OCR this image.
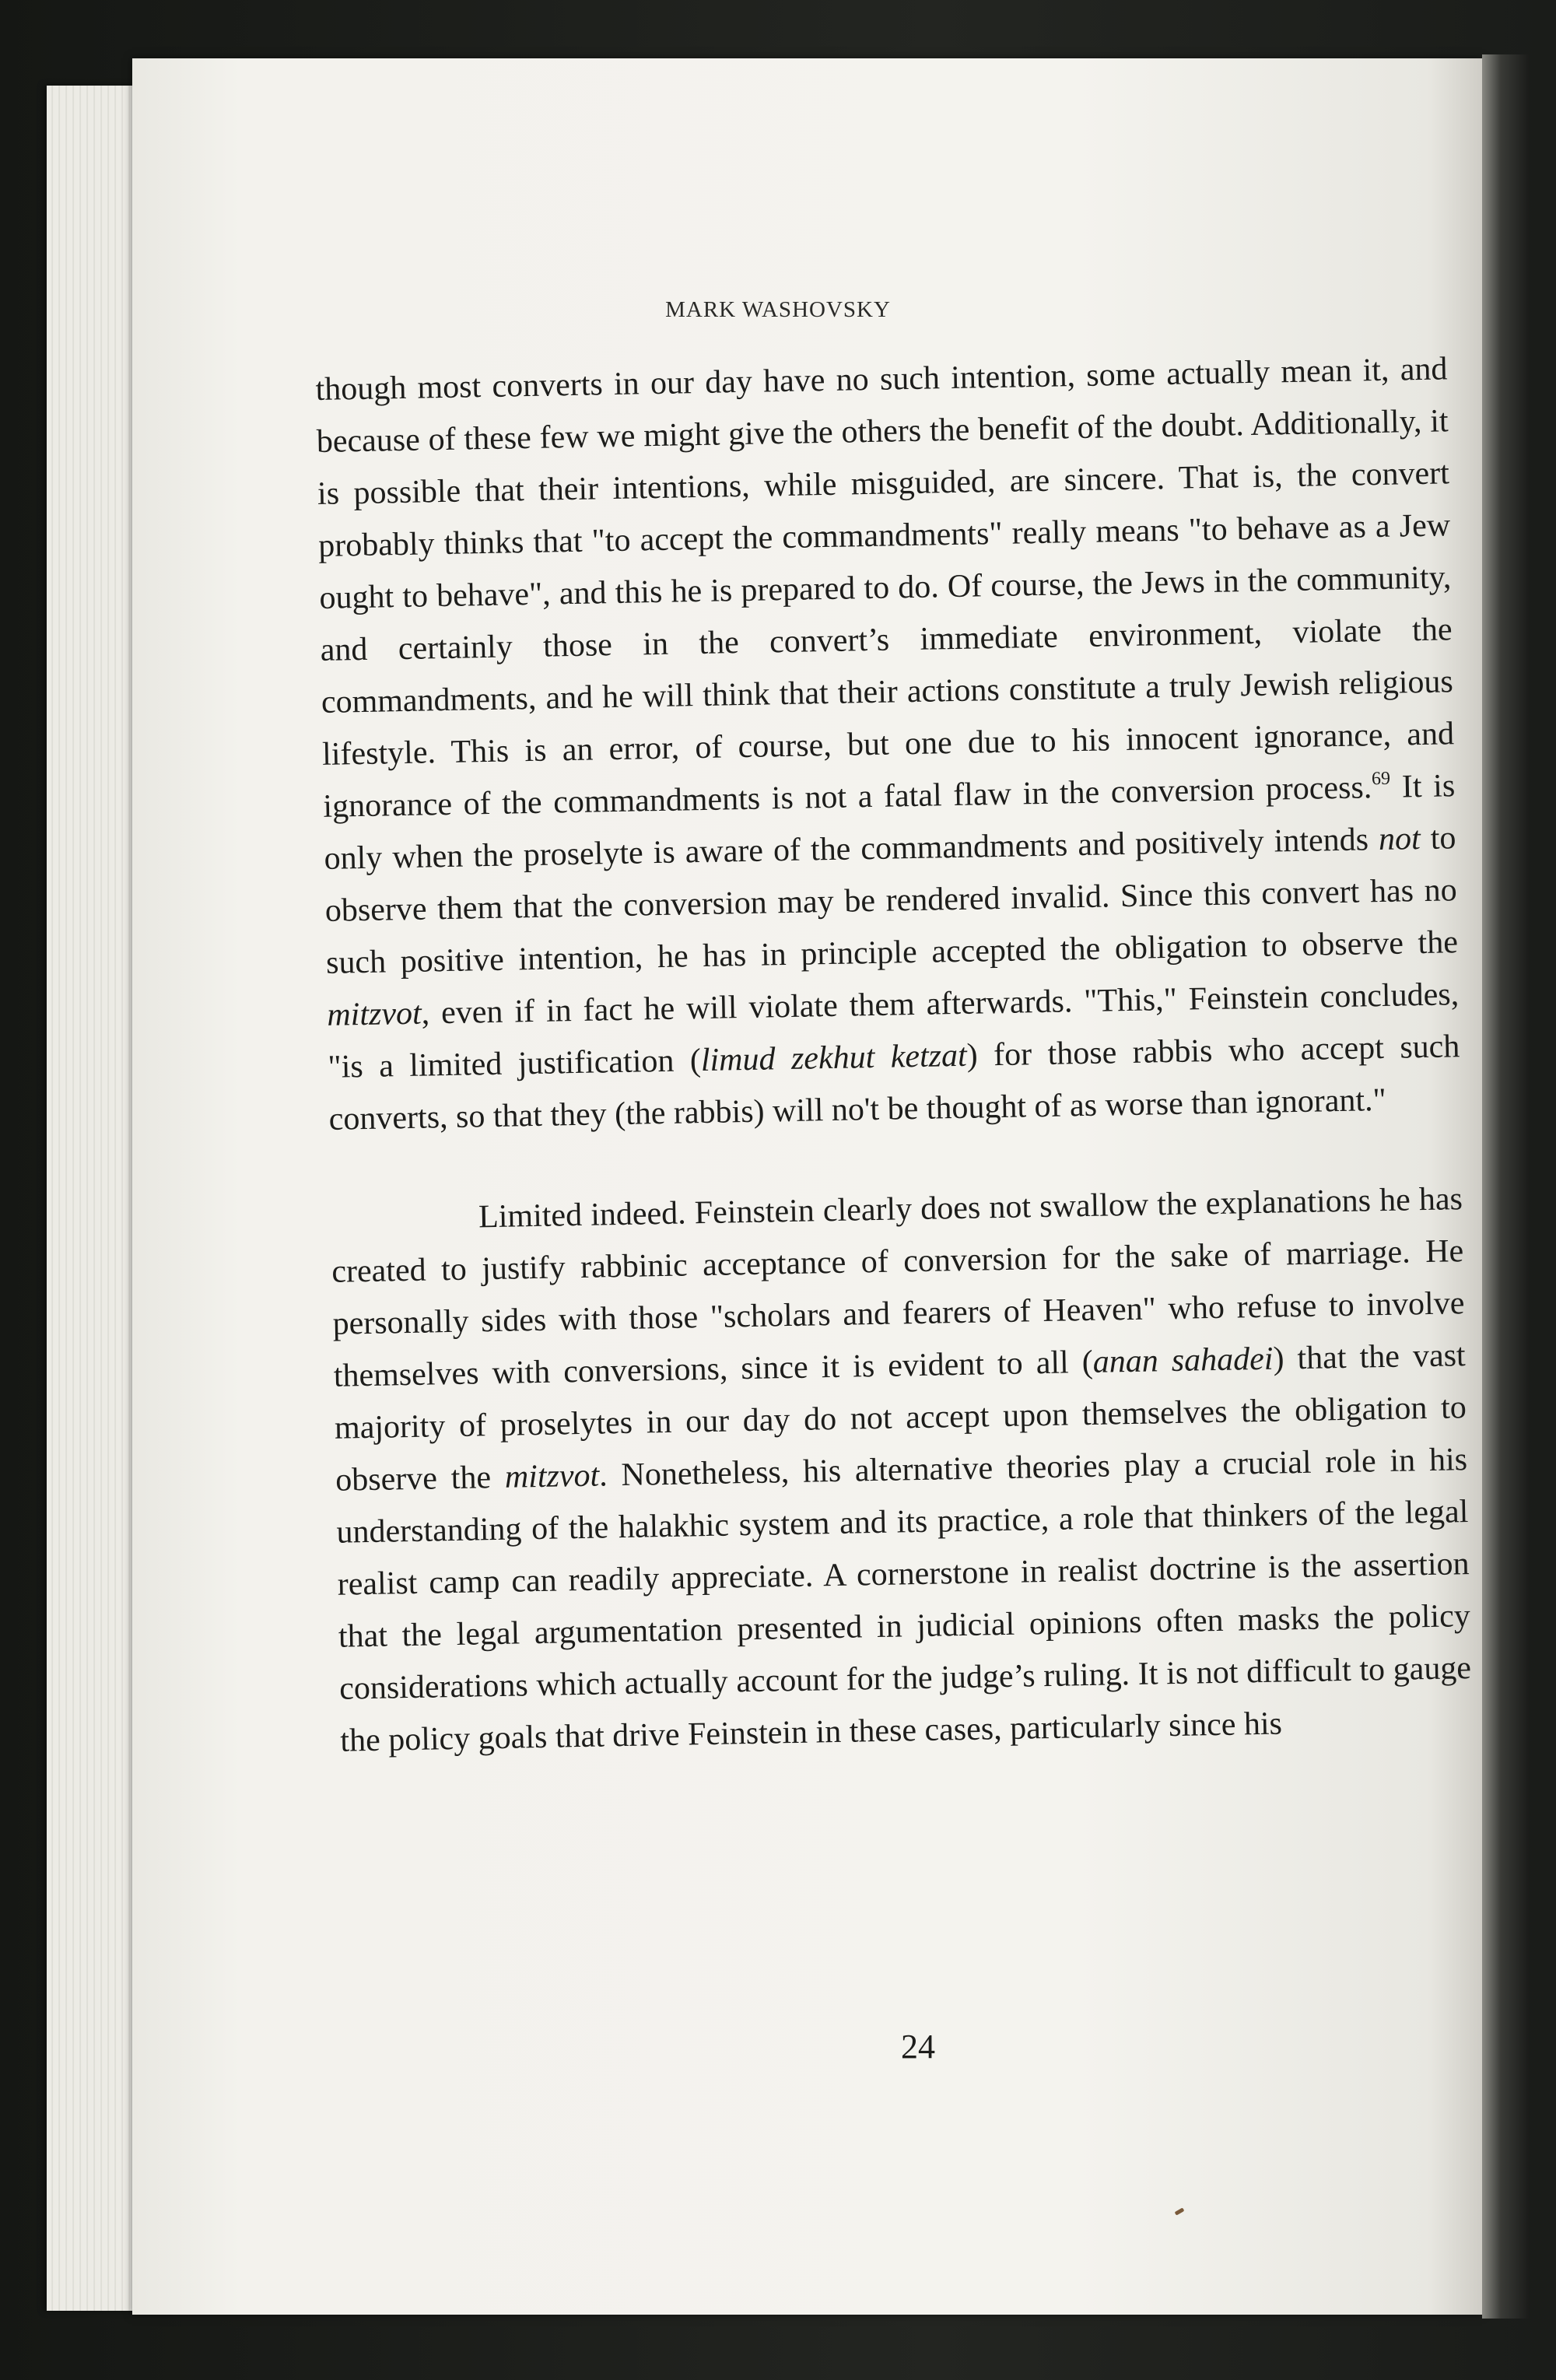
MARK WASHOVSKY

though most converts in our day have no such intention, some actually mean it, and because of these few we might give the others the benefit of the doubt. Additionally, it is possible that their intentions, while misguided, are sincere. That is, the convert probably thinks that "to accept the commandments" really means "to behave as a Jew ought to behave", and this he is prepared to do. Of course, the Jews in the community, and certainly those in the convert’s immediate environment, violate the commandments, and he will think that their actions constitute a truly Jewish religious lifestyle. This is an error, of course, but one due to his innocent ignorance, and ignorance of the commandments is not a fatal flaw in the conversion process.$^{69}$ It is only when the proselyte is aware of the commandments and positively intends not to observe them that the conversion may be rendered invalid. Since this convert has no such positive intention, he has in principle accepted the obligation to observe the mitzvot, even if in fact he will violate them afterwards. "This," Feinstein concludes, "is a limited justification (limud zekhut ketzat) for those rabbis who accept such converts, so that they (the rabbis) will no't be thought of as worse than ignorant."

Limited indeed. Feinstein clearly does not swallow the explanations he has created to justify rabbinic acceptance of conversion for the sake of marriage. He personally sides with those "scholars and fearers of Heaven" who refuse to involve themselves with conversions, since it is evident to all (anan sahadei) that the vast majority of proselytes in our day do not accept upon themselves the obligation to observe the mitzvot. Nonetheless, his alternative theories play a crucial role in his understanding of the halakhic system and its practice, a role that thinkers of the legal realist camp can readily appreciate. A cornerstone in realist doctrine is the assertion that the legal argumentation presented in judicial opinions often masks the policy considerations which actually account for the judge’s ruling. It is not difficult to gauge the policy goals that drive Feinstein in these cases, particularly since his

24
